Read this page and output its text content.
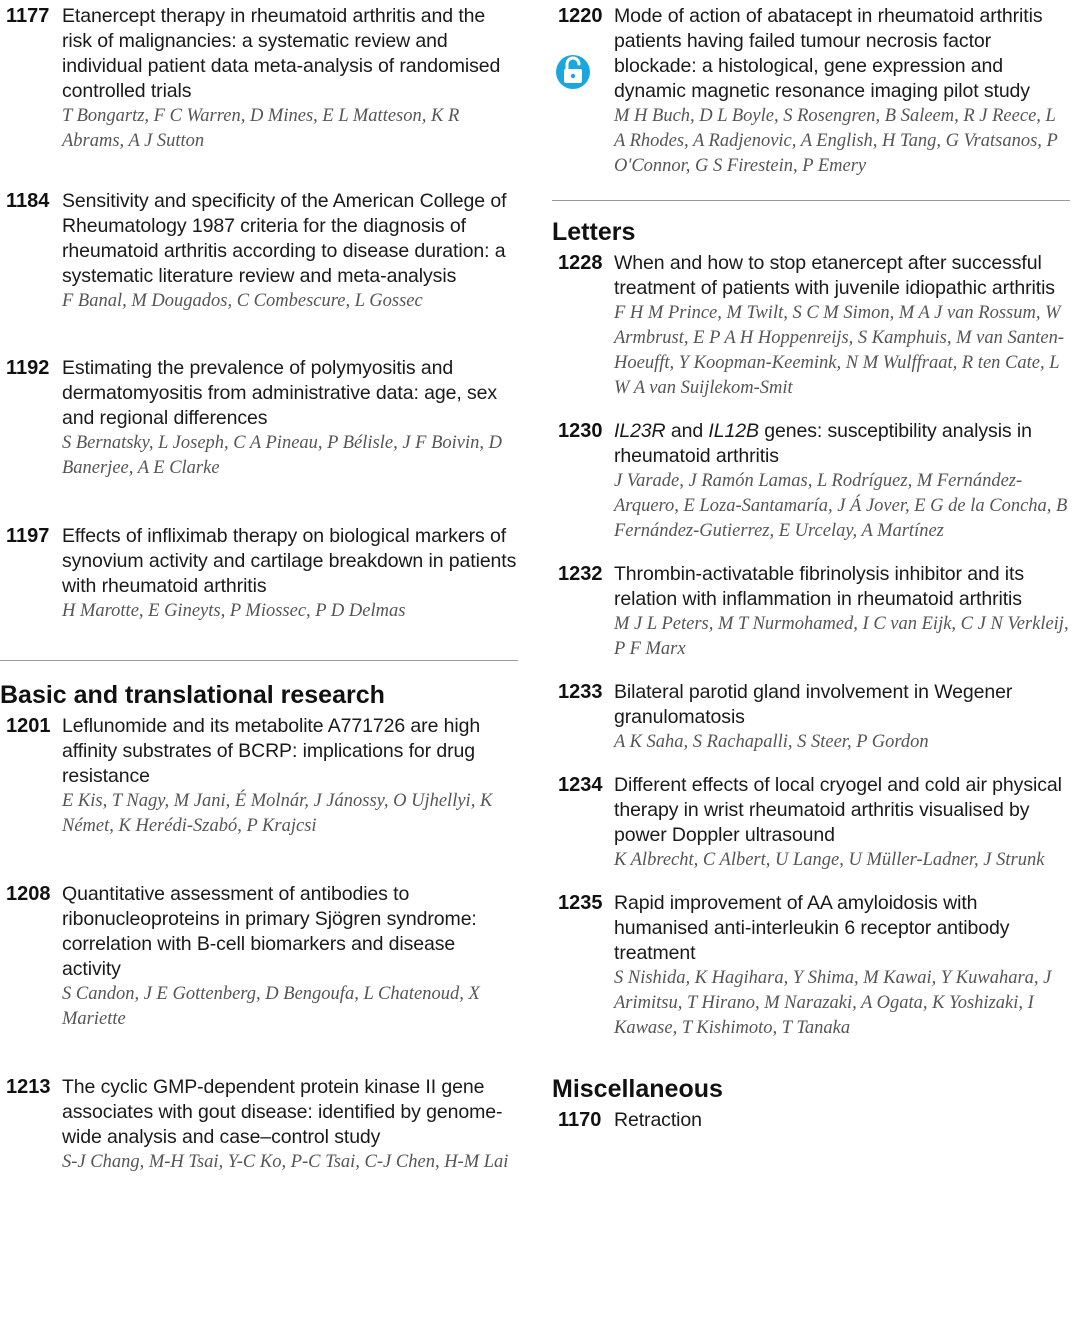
1177 Etanercept therapy in rheumatoid arthritis and the risk of malignancies: a systematic review and individual patient data meta-analysis of randomised controlled trials
T Bongartz, F C Warren, D Mines, E L Matteson, K R Abrams, A J Sutton
1184 Sensitivity and specificity of the American College of Rheumatology 1987 criteria for the diagnosis of rheumatoid arthritis according to disease duration: a systematic literature review and meta-analysis
F Banal, M Dougados, C Combescure, L Gossec
1192 Estimating the prevalence of polymyositis and dermatomyositis from administrative data: age, sex and regional differences
S Bernatsky, L Joseph, C A Pineau, P Bélisle, J F Boivin, D Banerjee, A E Clarke
1197 Effects of infliximab therapy on biological markers of synovium activity and cartilage breakdown in patients with rheumatoid arthritis
H Marotte, E Gineyts, P Miossec, P D Delmas
Basic and translational research
1201 Leflunomide and its metabolite A771726 are high affinity substrates of BCRP: implications for drug resistance
E Kis, T Nagy, M Jani, É Molnár, J Jánossy, O Ujhellyi, K Német, K Herédi-Szabó, P Krajcsi
1208 Quantitative assessment of antibodies to ribonucleoproteins in primary Sjögren syndrome: correlation with B-cell biomarkers and disease activity
S Candon, J E Gottenberg, D Bengoufa, L Chatenoud, X Mariette
1213 The cyclic GMP-dependent protein kinase II gene associates with gout disease: identified by genome-wide analysis and case–control study
S-J Chang, M-H Tsai, Y-C Ko, P-C Tsai, C-J Chen, H-M Lai
1220 Mode of action of abatacept in rheumatoid arthritis patients having failed tumour necrosis factor blockade: a histological, gene expression and dynamic magnetic resonance imaging pilot study
M H Buch, D L Boyle, S Rosengren, B Saleem, R J Reece, L A Rhodes, A Radjenovic, A English, H Tang, G Vratsanos, P O'Connor, G S Firestein, P Emery
Letters
1228 When and how to stop etanercept after successful treatment of patients with juvenile idiopathic arthritis
F H M Prince, M Twilt, S C M Simon, M A J van Rossum, W Armbrust, E P A H Hoppenreijs, S Kamphuis, M van Santen-Hoeufft, Y Koopman-Keemink, N M Wulffraat, R ten Cate, L W A van Suijlekom-Smit
1230 IL23R and IL12B genes: susceptibility analysis in rheumatoid arthritis
J Varade, J Ramón Lamas, L Rodríguez, M Fernández-Arquero, E Loza-Santamaría, J Á Jover, E G de la Concha, B Fernández-Gutierrez, E Urcelay, A Martínez
1232 Thrombin-activatable fibrinolysis inhibitor and its relation with inflammation in rheumatoid arthritis
M J L Peters, M T Nurmohamed, I C van Eijk, C J N Verkleij, P F Marx
1233 Bilateral parotid gland involvement in Wegener granulomatosis
A K Saha, S Rachapalli, S Steer, P Gordon
1234 Different effects of local cryogel and cold air physical therapy in wrist rheumatoid arthritis visualised by power Doppler ultrasound
K Albrecht, C Albert, U Lange, U Müller-Ladner, J Strunk
1235 Rapid improvement of AA amyloidosis with humanised anti-interleukin 6 receptor antibody treatment
S Nishida, K Hagihara, Y Shima, M Kawai, Y Kuwahara, J Arimitsu, T Hirano, M Narazaki, A Ogata, K Yoshizaki, I Kawase, T Kishimoto, T Tanaka
Miscellaneous
1170 Retraction
